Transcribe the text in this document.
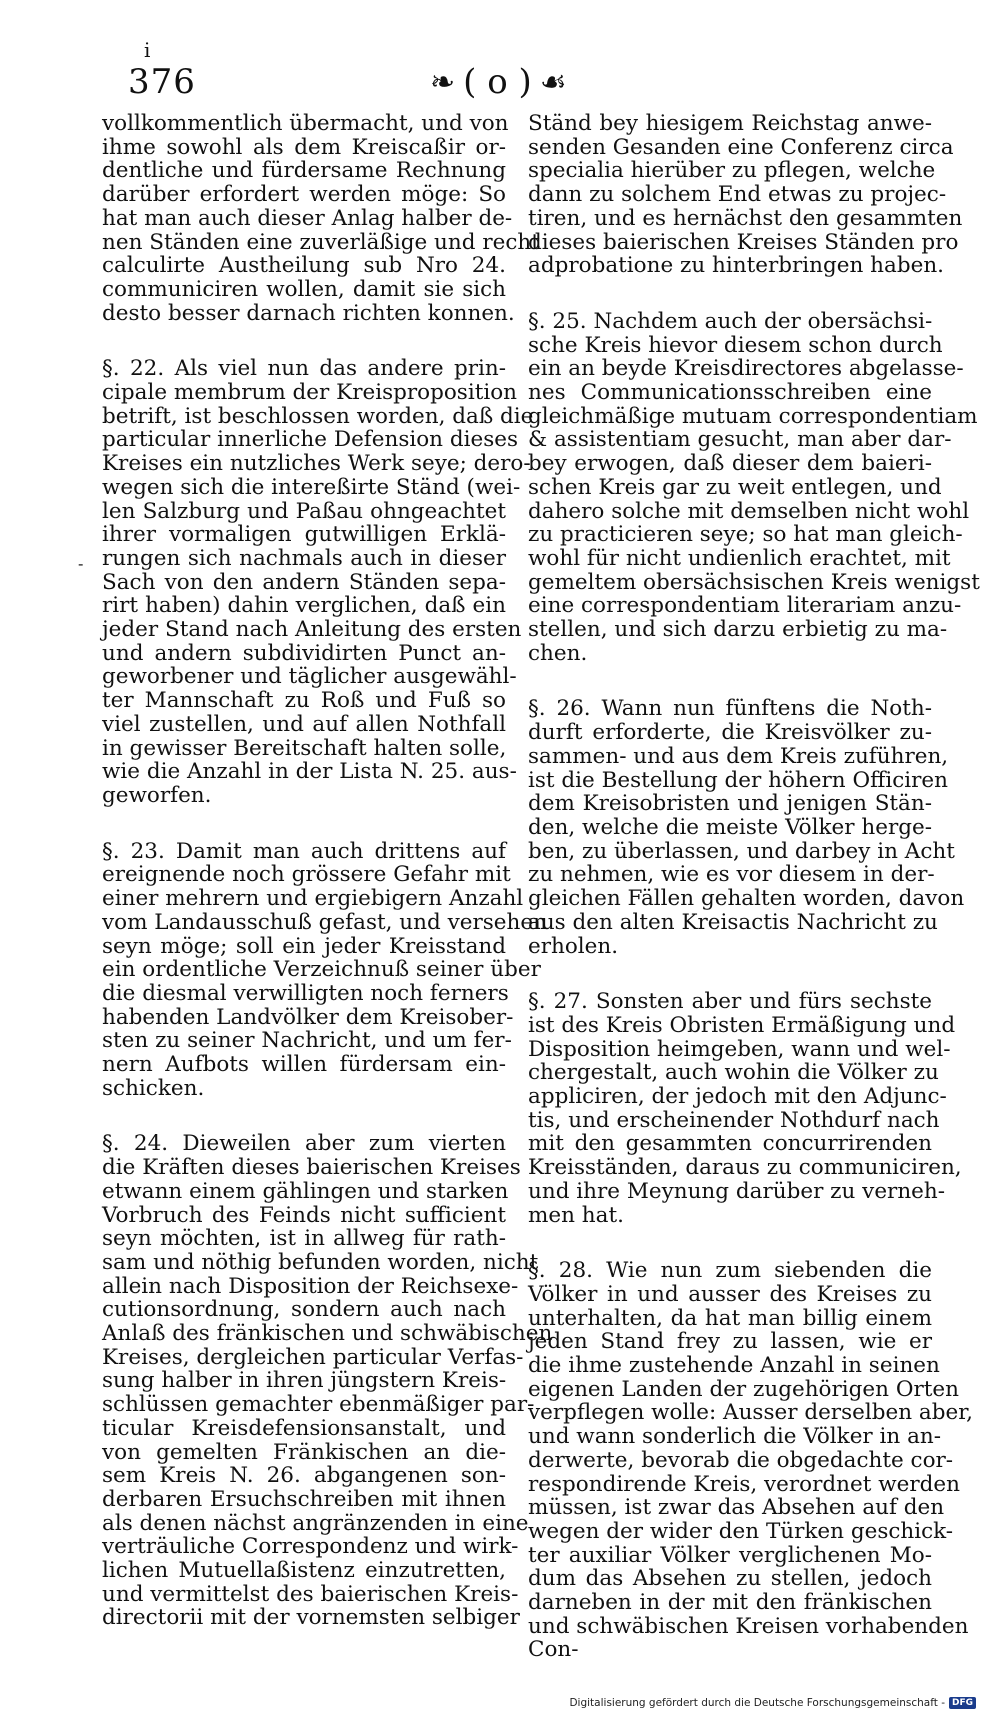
i
376	❧ ( o ) ☙
-
vollkommentlich übermacht, und von
ihme sowohl als dem Kreiscaßir or-
dentliche und fürdersame Rechnung
darüber erfordert werden möge: So
hat man auch dieser Anlag halber de-
nen Ständen eine zuverläßige und recht
calculirte Austheilung sub Nro 24.
communiciren wollen, damit sie sich
desto besser darnach richten konnen.
§. 22. Als viel nun das andere prin-
cipale membrum der Kreisproposition
betrift, ist beschlossen worden, daß die
particular innerliche Defension dieses
Kreises ein nutzliches Werk seye; dero-
wegen sich die intereßirte Ständ (wei-
len Salzburg und Paßau ohngeachtet
ihrer vormaligen gutwilligen Erklä-
rungen sich nachmals auch in dieser
Sach von den andern Ständen sepa-
rirt haben) dahin verglichen, daß ein
jeder Stand nach Anleitung des ersten
und andern subdividirten Punct an-
geworbener und täglicher ausgewähl-
ter Mannschaft zu Roß und Fuß so
viel zustellen, und auf allen Nothfall
in gewisser Bereitschaft halten solle,
wie die Anzahl in der Lista N. 25. aus-
geworfen.
§. 23. Damit man auch drittens auf
ereignende noch grössere Gefahr mit
einer mehrern und ergiebigern Anzahl
vom Landausschuß gefast, und versehen
seyn möge; soll ein jeder Kreisstand
ein ordentliche Verzeichnuß seiner über
die diesmal verwilligten noch ferners
habenden Landvölker dem Kreisober-
sten zu seiner Nachricht, und um fer-
nern Aufbots willen fürdersam ein-
schicken.
§. 24. Dieweilen aber zum vierten
die Kräften dieses baierischen Kreises
etwann einem gählingen und starken
Vorbruch des Feinds nicht sufficient
seyn möchten, ist in allweg für rath-
sam und nöthig befunden worden, nicht
allein nach Disposition der Reichsexe-
cutionsordnung, sondern auch nach
Anlaß des fränkischen und schwäbischen
Kreises, dergleichen particular Verfas-
sung halber in ihren jüngstern Kreis-
schlüssen gemachter ebenmäßiger par-
ticular Kreisdefensionsanstalt, und
von gemelten Fränkischen an die-
sem Kreis N. 26. abgangenen son-
derbaren Ersuchschreiben mit ihnen
als denen nächst angränzenden in eine
verträuliche Correspondenz und wirk-
lichen Mutuellaßistenz einzutretten,
und vermittelst des baierischen Kreis-
directorii mit der vornemsten selbiger
Ständ bey hiesigem Reichstag anwe-
senden Gesanden eine Conferenz circa
specialia hierüber zu pflegen, welche
dann zu solchem End etwas zu projec-
tiren, und es hernächst den gesammten
dieses baierischen Kreises Ständen pro
adprobatione zu hinterbringen haben.
§. 25. Nachdem auch der obersächsi-
sche Kreis hievor diesem schon durch
ein an beyde Kreisdirectores abgelasse-
nes Communicationsschreiben eine
gleichmäßige mutuam correspondentiam
& assistentiam gesucht, man aber dar-
bey erwogen, daß dieser dem baieri-
schen Kreis gar zu weit entlegen, und
dahero solche mit demselben nicht wohl
zu practicieren seye; so hat man gleich-
wohl für nicht undienlich erachtet, mit
gemeltem obersächsischen Kreis wenigst
eine correspondentiam literariam anzu-
stellen, und sich darzu erbietig zu ma-
chen.
§. 26. Wann nun fünftens die Noth-
durft erforderte, die Kreisvölker zu-
sammen- und aus dem Kreis zuführen,
ist die Bestellung der höhern Officiren
dem Kreisobristen und jenigen Stän-
den, welche die meiste Völker herge-
ben, zu überlassen, und darbey in Acht
zu nehmen, wie es vor diesem in der-
gleichen Fällen gehalten worden, davon
aus den alten Kreisactis Nachricht zu
erholen.
§. 27. Sonsten aber und fürs sechste
ist des Kreis Obristen Ermäßigung und
Disposition heimgeben, wann und wel-
chergestalt, auch wohin die Völker zu
appliciren, der jedoch mit den Adjunc-
tis, und erscheinender Nothdurf nach
mit den gesammten concurrirenden
Kreisständen, daraus zu communiciren,
und ihre Meynung darüber zu verneh-
men hat.
§. 28. Wie nun zum siebenden die
Völker in und ausser des Kreises zu
unterhalten, da hat man billig einem
jeden Stand frey zu lassen, wie er
die ihme zustehende Anzahl in seinen
eigenen Landen der zugehörigen Orten
verpflegen wolle: Ausser derselben aber,
und wann sonderlich die Völker in an-
derwerte, bevorab die obgedachte cor-
respondirende Kreis, verordnet werden
müssen, ist zwar das Absehen auf den
wegen der wider den Türken geschick-
ter auxiliar Völker verglichenen Mo-
dum das Absehen zu stellen, jedoch
darneben in der mit den fränkischen
und schwäbischen Kreisen vorhabenden
Con-
Digitalisierung gefördert durch die Deutsche Forschungsgemeinschaft - DFG
